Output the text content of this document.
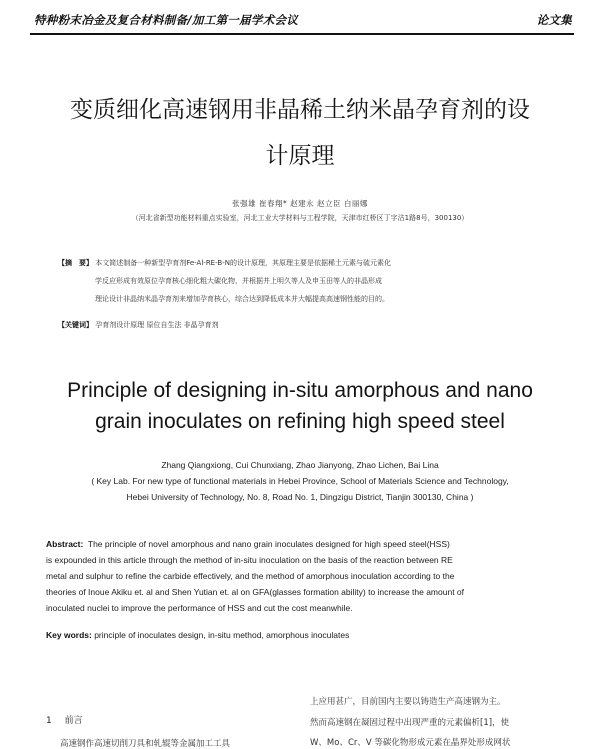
特种粉末冶金及复合材料制备/加工第一届学术会议	论文集
变质细化高速钢用非晶稀土纳米晶孕育剂的设
计原理
张强雄 崔春翔* 赵建永 赵立臣 白丽娜
（河北省新型功能材料重点实验室，河北工业大学材料与工程学院，天津市红桥区丁字沽1路8号，300130）
【摘　要】 本文简述制备一种新型孕育剂Fe-Al-RE-B-N的设计原理，其原理主要是依据稀土元素与硫元素化
学反应形成有效原位孕育核心细化粗大碳化物，并根据井上明久等人及申玉田等人的非晶形成
理论设计非晶纳米晶孕育剂来增加孕育核心，综合达到降低成本并大幅提高高速钢性能的目的。
【关键词】 孕育剂设计原理 原位自生法 非晶孕育剂
Principle of designing in-situ amorphous and nano
grain inoculates on refining high speed steel
Zhang Qiangxiong, Cui Chunxiang, Zhao Jianyong, Zhao Lichen, Bai Lina
( Key Lab. For new type of functional materials in Hebei Province, School of Materials Science and Technology,
Hebei University of Technology, No. 8, Road No. 1, Dingzigu District, Tianjin 300130, China )
Abstract: The principle of novel amorphous and nano grain inoculates designed for high speed steel(HSS)
is expounded in this article through the method of in-situ inoculation on the basis of the reaction between RE
metal and sulphur to refine the carbide effectively, and the method of amorphous inoculation according to the
theories of Inoue Akiku et. al and Shen Yutian et. al on GFA(glasses formation ability) to increase the amount of
inoculated nuclei to improve the performance of HSS and cut the cost meanwhile.
Key words: principle of inoculates design, in-situ method, amorphous inoculates
1 前言
高速钢作高速切削刀具和轧辊等金属加工工具
上应用甚广，目前国内主要以铸造生产高速钢为主。
然而高速钢在凝固过程中出现严重的元素偏析[1]，使
W、Mo、Cr、V 等碳化物形成元素在晶界处形成网状
